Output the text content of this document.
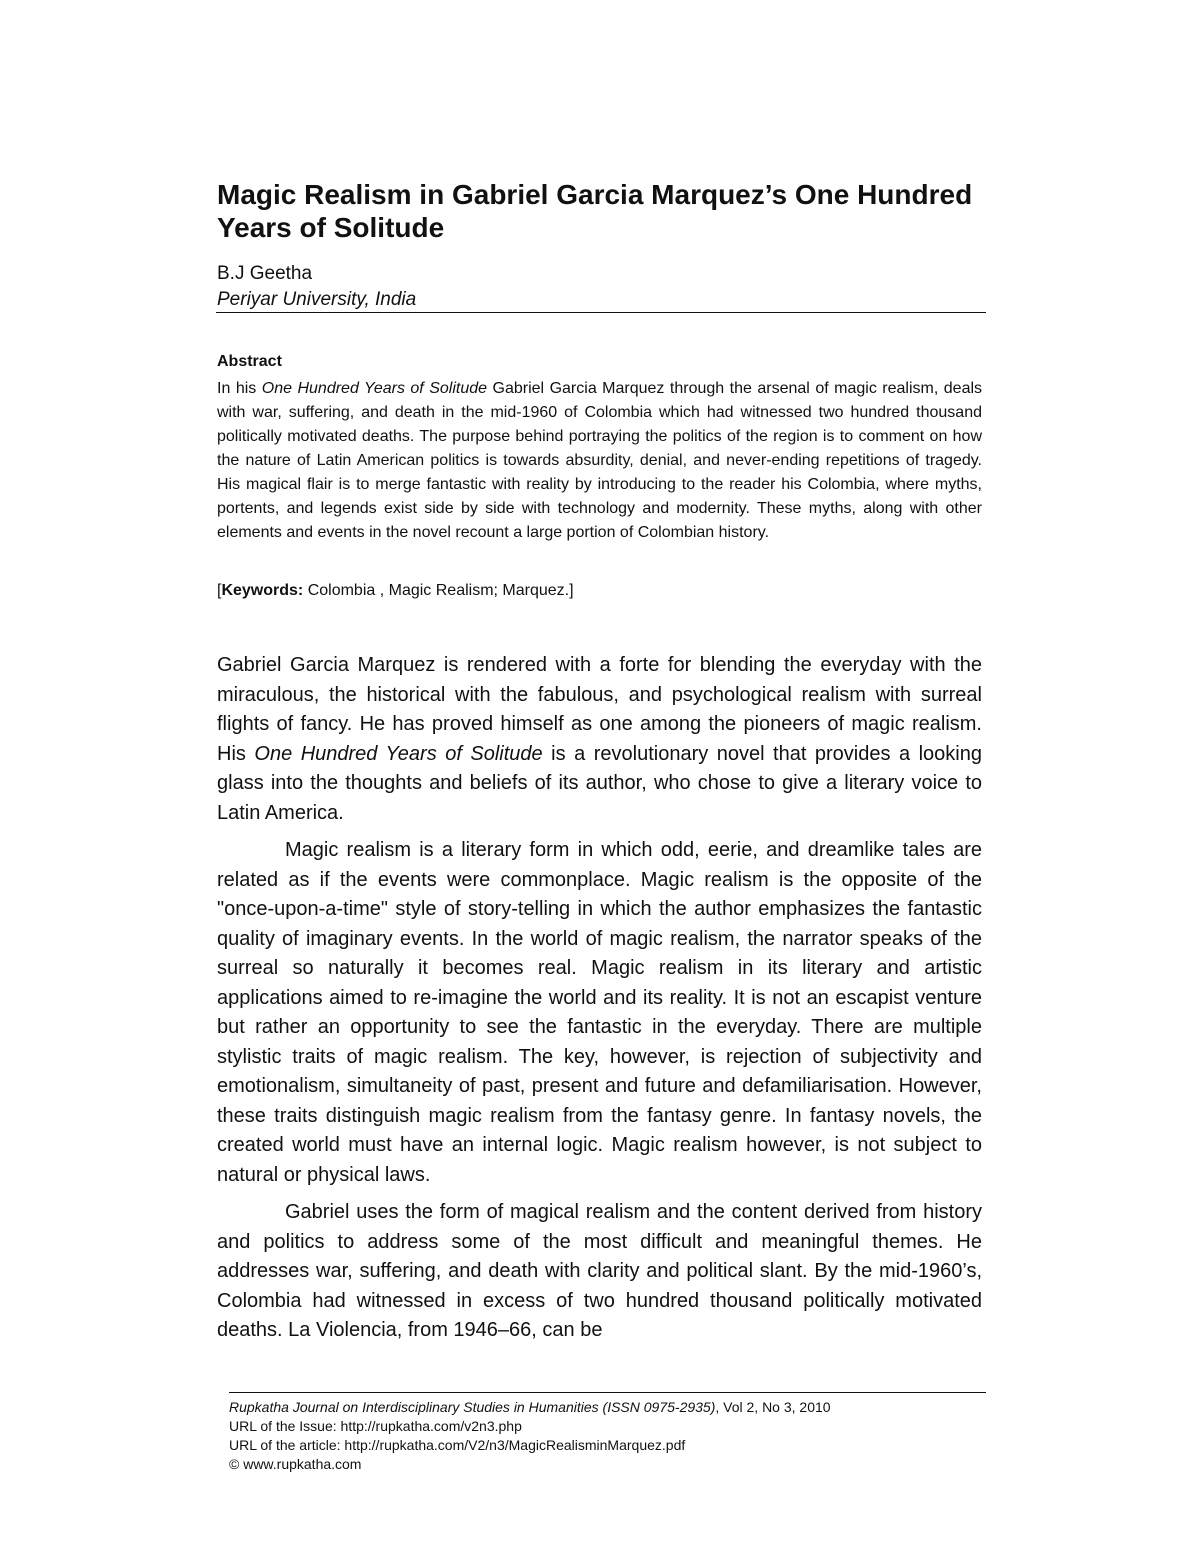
Magic Realism in Gabriel Garcia Marquez’s One Hundred Years of Solitude
B.J Geetha
Periyar University, India
Abstract

In his One Hundred Years of Solitude Gabriel Garcia Marquez through the arsenal of magic realism, deals with war, suffering, and death in the mid-1960 of Colombia which had witnessed two hundred thousand politically motivated deaths. The purpose behind portraying the politics of the region is to comment on how the nature of Latin American politics is towards absurdity, denial, and never-ending repetitions of tragedy. His magical flair is to merge fantastic with reality by introducing to the reader his Colombia, where myths, portents, and legends exist side by side with technology and modernity. These myths, along with other elements and events in the novel recount a large portion of Colombian history.

[Keywords: Colombia , Magic Realism; Marquez.]

Gabriel Garcia Marquez is rendered with a forte for blending the everyday with the miraculous, the historical with the fabulous, and psychological realism with surreal flights of fancy. He has proved himself as one among the pioneers of magic realism. His One Hundred Years of Solitude is a revolutionary novel that provides a looking glass into the thoughts and beliefs of its author, who chose to give a literary voice to Latin America.

Magic realism is a literary form in which odd, eerie, and dreamlike tales are related as if the events were commonplace. Magic realism is the opposite of the "once-upon-a-time" style of story-telling in which the author emphasizes the fantastic quality of imaginary events. In the world of magic realism, the narrator speaks of the surreal so naturally it becomes real. Magic realism in its literary and artistic applications aimed to re-imagine the world and its reality. It is not an escapist venture but rather an opportunity to see the fantastic in the everyday. There are multiple stylistic traits of magic realism. The key, however, is rejection of subjectivity and emotionalism, simultaneity of past, present and future and defamiliarisation. However, these traits distinguish magic realism from the fantasy genre. In fantasy novels, the created world must have an internal logic. Magic realism however, is not subject to natural or physical laws.

Gabriel uses the form of magical realism and the content derived from history and politics to address some of the most difficult and meaningful themes. He addresses war, suffering, and death with clarity and political slant. By the mid-1960’s, Colombia had witnessed in excess of two hundred thousand politically motivated deaths. La Violencia, from 1946–66, can be

Rupkatha Journal on Interdisciplinary Studies in Humanities (ISSN 0975-2935), Vol 2, No 3, 2010
URL of the Issue: http://rupkatha.com/v2n3.php
URL of the article: http://rupkatha.com/V2/n3/MagicRealisminMarquez.pdf
© www.rupkatha.com
